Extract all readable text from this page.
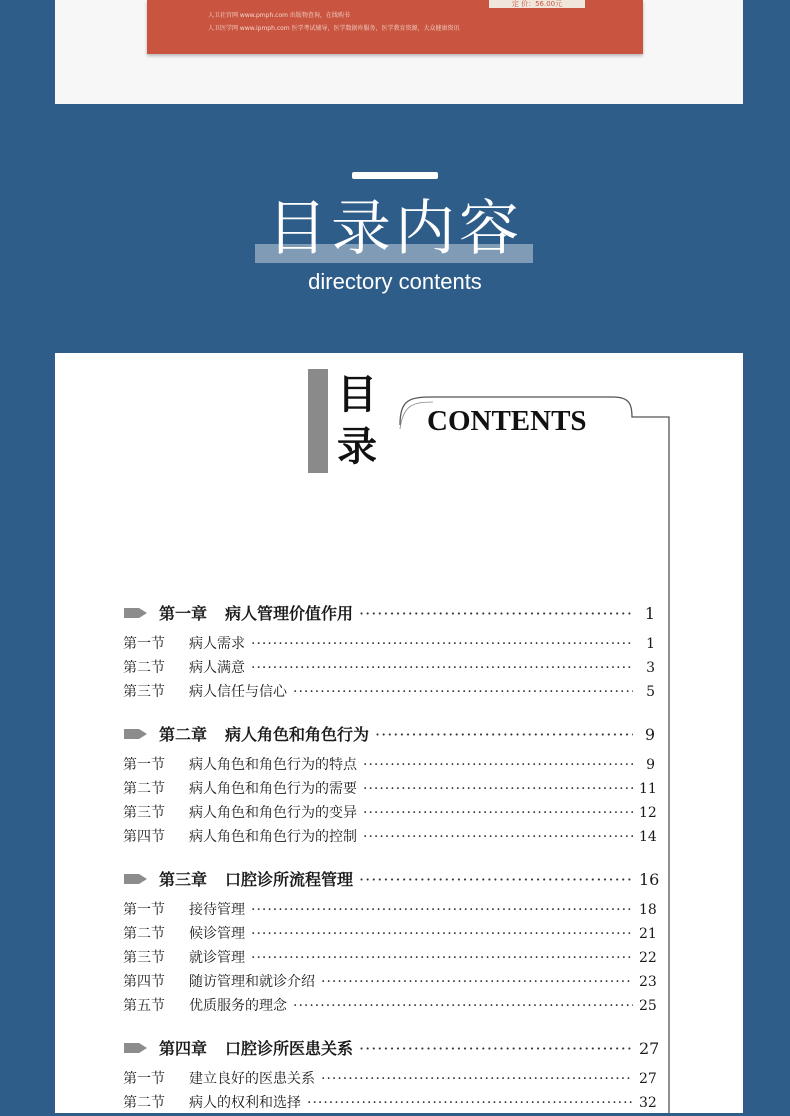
人卫社官网 www.pmph.com 出版物查询，在线购书
人卫医学网 www.ipmph.com 医学考试辅导，医学数据库服务，医学教育资源，大众健康资讯
定 价：56.00元
目录内容
directory contents
目
录
CONTENTS
第一章 病人管理价值作用 ·····	1
第一节	病人需求 ·····	1
第二节	病人满意 ·····	3
第三节	病人信任与信心 ·····	5
第二章 病人角色和角色行为 ·····	9
第一节	病人角色和角色行为的特点 ·····	9
第二节	病人角色和角色行为的需要 ·····	11
第三节	病人角色和角色行为的变异 ·····	12
第四节	病人角色和角色行为的控制 ·····	14
第三章 口腔诊所流程管理 ·····	16
第一节	接待管理 ·····	18
第二节	候诊管理 ·····	21
第三节	就诊管理 ·····	22
第四节	随访管理和就诊介绍 ·····	23
第五节	优质服务的理念 ·····	25
第四章 口腔诊所医患关系 ·····	27
第一节	建立良好的医患关系 ·····	27
第二节	病人的权利和选择 ·····	32
